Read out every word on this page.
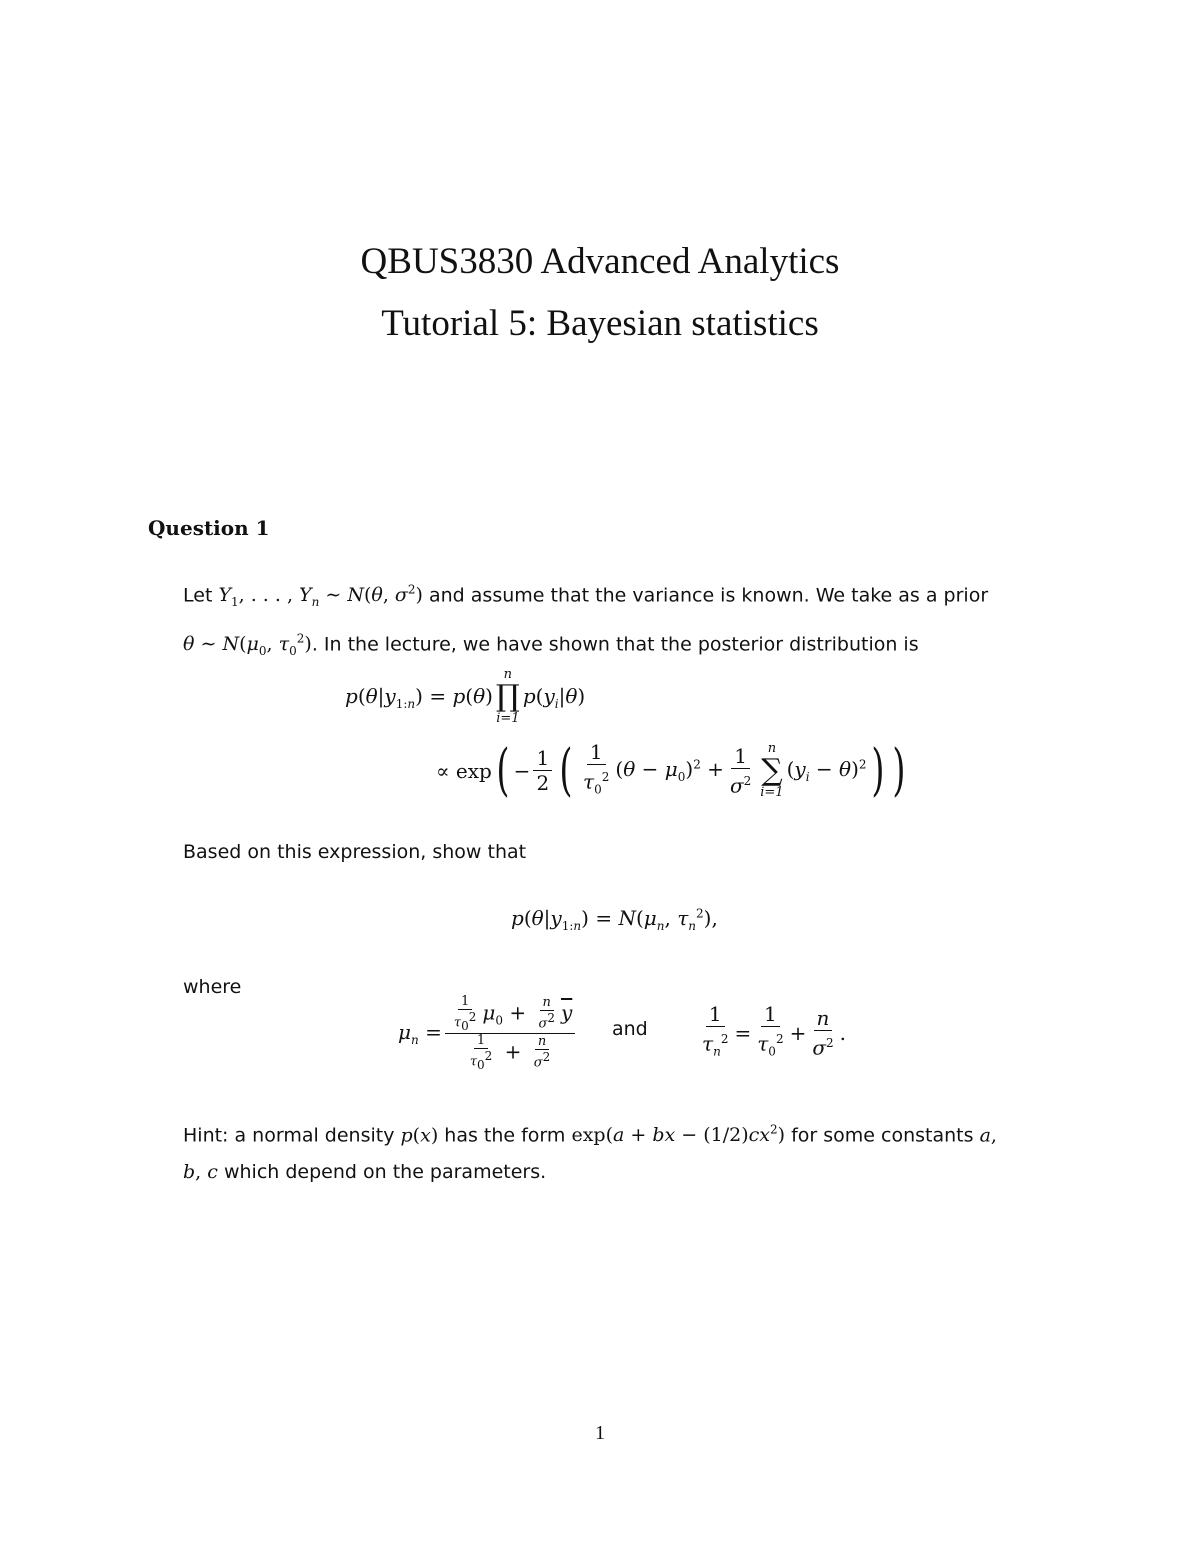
QBUS3830 Advanced Analytics
Tutorial 5: Bayesian statistics
Question 1

Let $Y_1$, . . . , $Y_n$ ∼ N(θ, $\sigma^2$) and assume that the variance is known. We take as a prior
θ ∼ $N(\mu_0$, $\tau_0^2$). In the lecture, we have shown that the posterior distribution is

$p(\theta|y_{1:n}) = p(\theta)$
n
∏
i=1
$p(y_i|\theta)$
∝ exp ( − $\frac{1}{2}$ ( $\frac{1}{\tau_0^2} (\theta - \mu_0)^2 + \frac{1}{\sigma^2}$ n
∑
i=1
$(y_i - \theta)^2$ ) )

Based on this expression, show that

$p(\theta|y_{1:n}) = N(\mu_n$, $\tau_n^2$),

where

$\mu_n = \frac{\frac{1}{\tau_0^2} \mu_0 + \frac{n}{\sigma^2} \overline{y}}{\frac{1}{\tau_0^2} + \frac{n}{\sigma^2}}$ and	$\frac{1}{\tau_n^2} = \frac{1}{\tau_0^2} + \frac{n}{\sigma^2}$ .

Hint: a normal density p(x) has the form exp(a + bx − $(1/2)cx^2$) for some constants a,
b, c which depend on the parameters.

1
